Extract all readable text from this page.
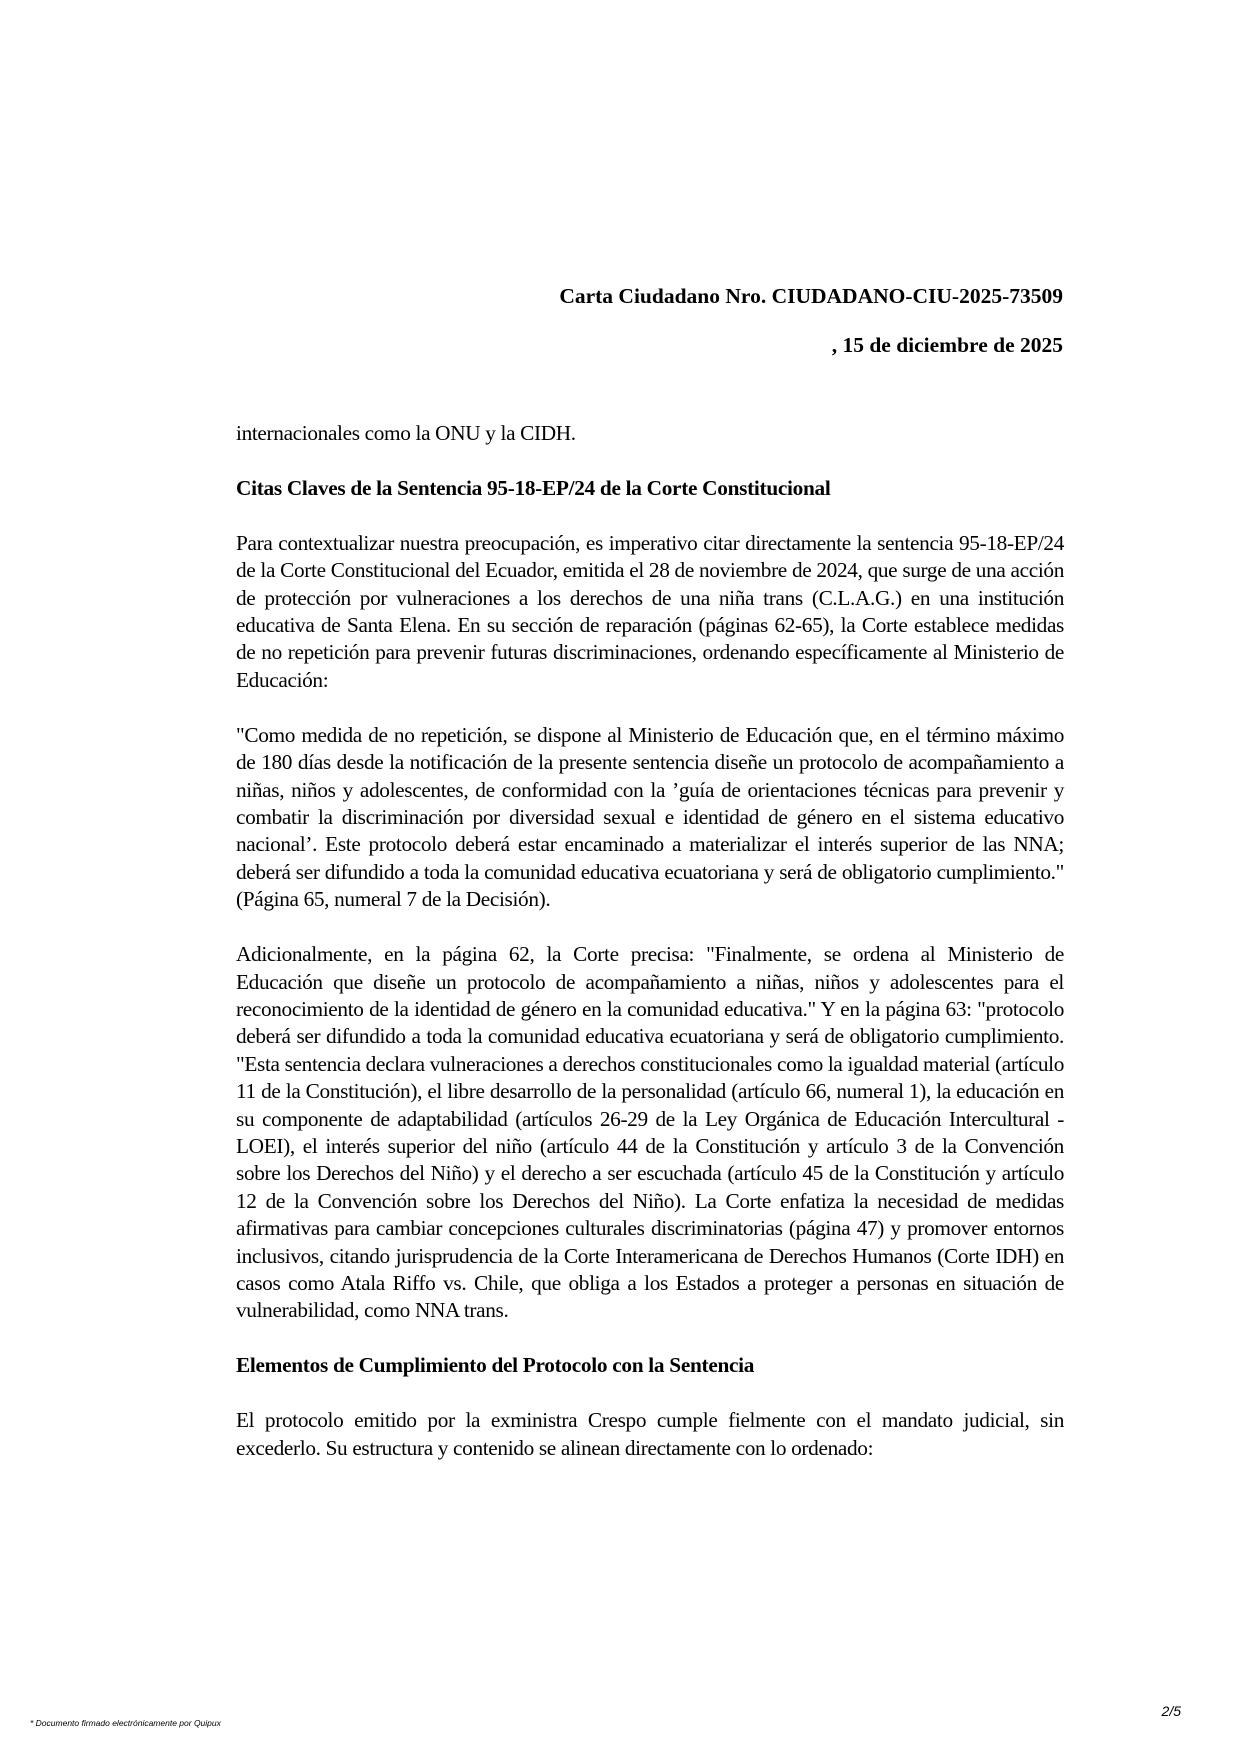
Carta Ciudadano Nro. CIUDADANO-CIU-2025-73509
, 15 de diciembre de 2025

internacionales como la ONU y la CIDH.

Citas Claves de la Sentencia 95-18-EP/24 de la Corte Constitucional

Para contextualizar nuestra preocupación, es imperativo citar directamente la sentencia 95-18-EP/24 de la Corte Constitucional del Ecuador, emitida el 28 de noviembre de 2024, que surge de una acción de protección por vulneraciones a los derechos de una niña trans (C.L.A.G.) en una institución educativa de Santa Elena. En su sección de reparación (páginas 62-65), la Corte establece medidas de no repetición para prevenir futuras discriminaciones, ordenando específicamente al Ministerio de Educación:

"Como medida de no repetición, se dispone al Ministerio de Educación que, en el término máximo de 180 días desde la notificación de la presente sentencia diseñe un protocolo de acompañamiento a niñas, niños y adolescentes, de conformidad con la ’guía de orientaciones técnicas para prevenir y combatir la discriminación por diversidad sexual e identidad de género en el sistema educativo nacional’. Este protocolo deberá estar encaminado a materializar el interés superior de las NNA; deberá ser difundido a toda la comunidad educativa ecuatoriana y será de obligatorio cumplimiento." (Página 65, numeral 7 de la Decisión).

Adicionalmente, en la página 62, la Corte precisa: "Finalmente, se ordena al Ministerio de Educación que diseñe un protocolo de acompañamiento a niñas, niños y adolescentes para el reconocimiento de la identidad de género en la comunidad educativa." Y en la página 63: "protocolo deberá ser difundido a toda la comunidad educativa ecuatoriana y será de obligatorio cumplimiento. "Esta sentencia declara vulneraciones a derechos constitucionales como la igualdad material (artículo 11 de la Constitución), el libre desarrollo de la personalidad (artículo 66, numeral 1), la educación en su componente de adaptabilidad (artículos 26-29 de la Ley Orgánica de Educación Intercultural - LOEI), el interés superior del niño (artículo 44 de la Constitución y artículo 3 de la Convención sobre los Derechos del Niño) y el derecho a ser escuchada (artículo 45 de la Constitución y artículo 12 de la Convención sobre los Derechos del Niño). La Corte enfatiza la necesidad de medidas afirmativas para cambiar concepciones culturales discriminatorias (página 47) y promover entornos inclusivos, citando jurisprudencia de la Corte Interamericana de Derechos Humanos (Corte IDH) en casos como Atala Riffo vs. Chile, que obliga a los Estados a proteger a personas en situación de vulnerabilidad, como NNA trans.

Elementos de Cumplimiento del Protocolo con la Sentencia

El protocolo emitido por la exministra Crespo cumple fielmente con el mandato judicial, sin excederlo. Su estructura y contenido se alinean directamente con lo ordenado:

* Documento firmado electrónicamente por Quipux
2/5
